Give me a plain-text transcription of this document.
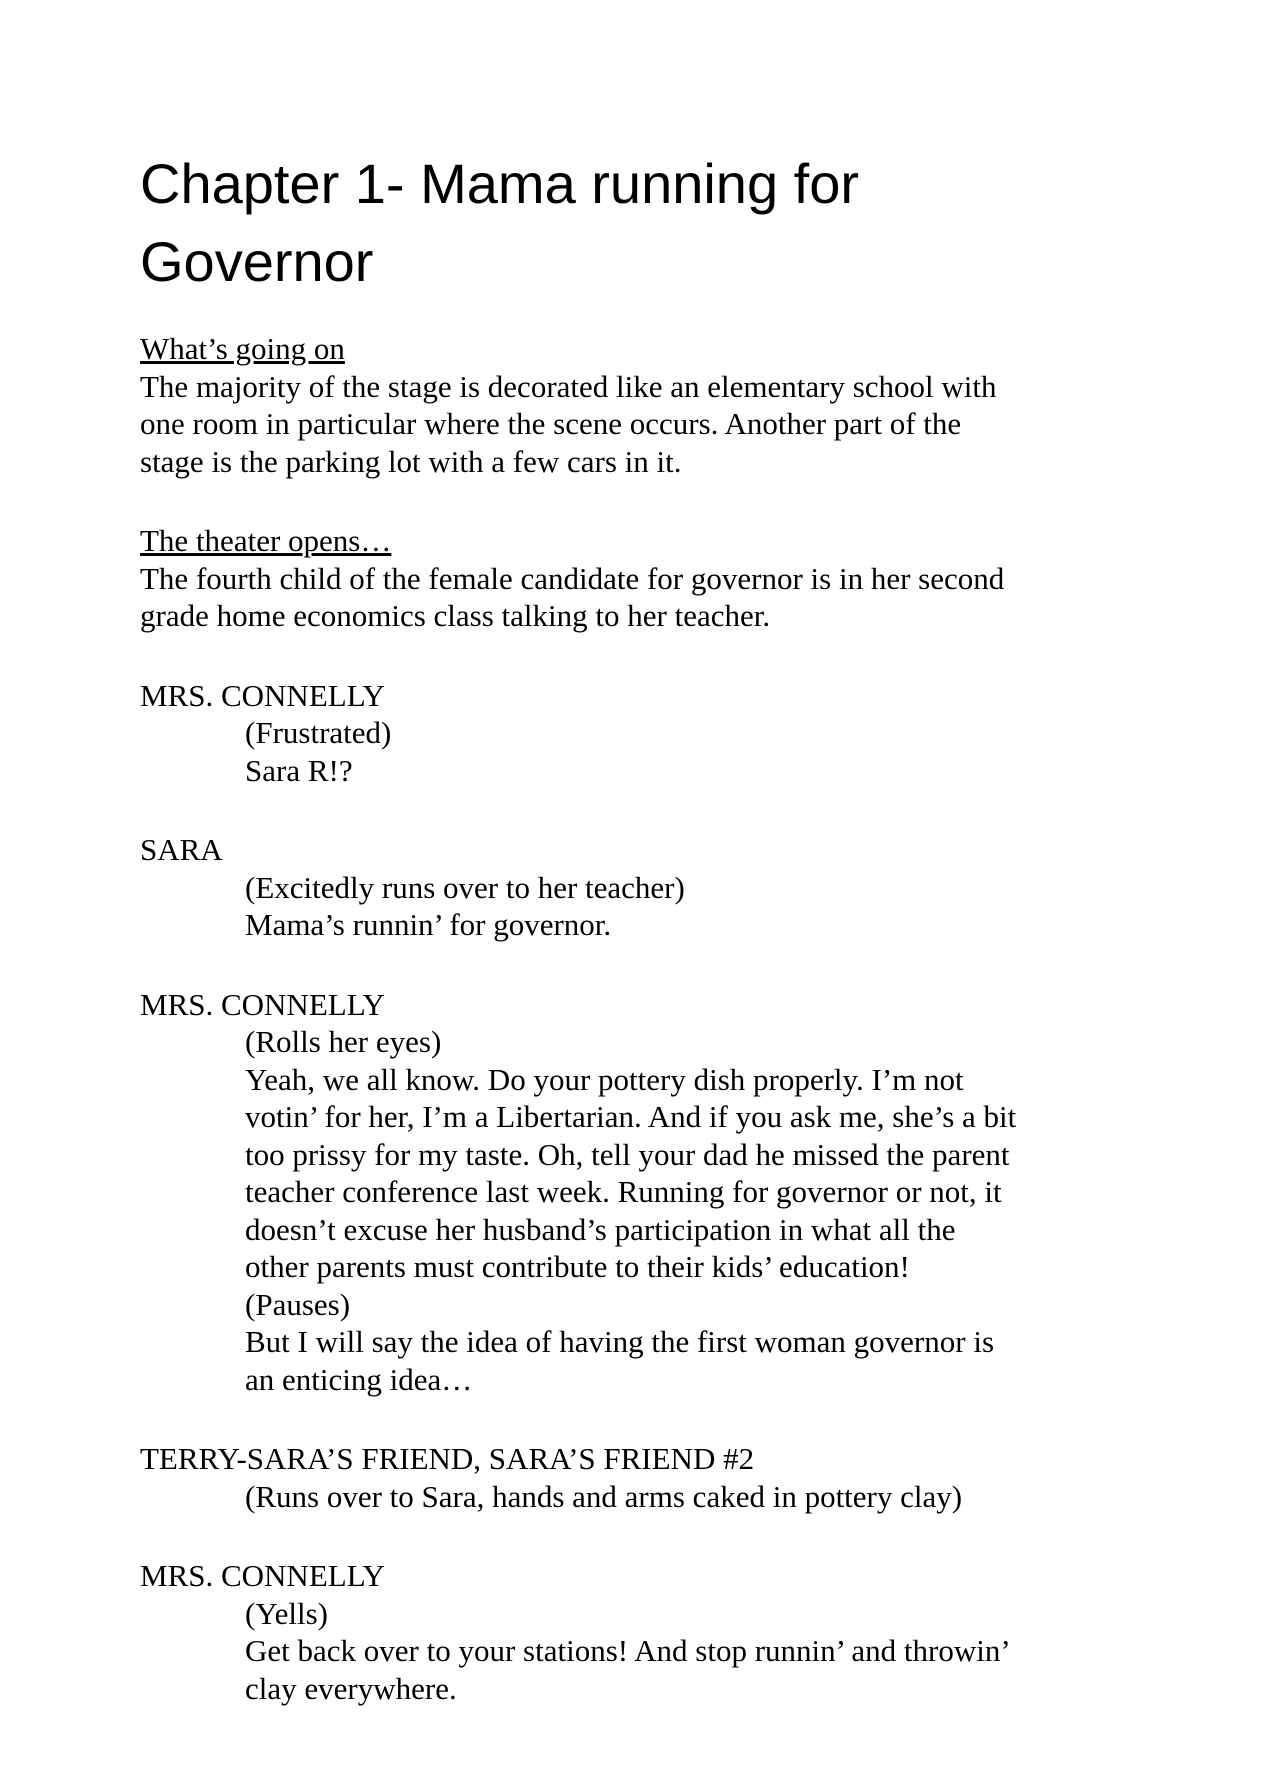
Chapter 1- Mama running for
Governor
What’s going on
The majority of the stage is decorated like an elementary school with
one room in particular where the scene occurs. Another part of the
stage is the parking lot with a few cars in it.
The theater opens…
The fourth child of the female candidate for governor is in her second
grade home economics class talking to her teacher.
MRS. CONNELLY
(Frustrated)
Sara R!?
SARA
(Excitedly runs over to her teacher)
Mama’s runnin’ for governor.
MRS. CONNELLY
(Rolls her eyes)
Yeah, we all know. Do your pottery dish properly. I’m not
votin’ for her, I’m a Libertarian. And if you ask me, she’s a bit
too prissy for my taste. Oh, tell your dad he missed the parent
teacher conference last week. Running for governor or not, it
doesn’t excuse her husband’s participation in what all the
other parents must contribute to their kids’ education!
(Pauses)
But I will say the idea of having the first woman governor is
an enticing idea…
TERRY-SARA’S FRIEND, SARA’S FRIEND #2
(Runs over to Sara, hands and arms caked in pottery clay)
MRS. CONNELLY
(Yells)
Get back over to your stations! And stop runnin’ and throwin’
clay everywhere.
